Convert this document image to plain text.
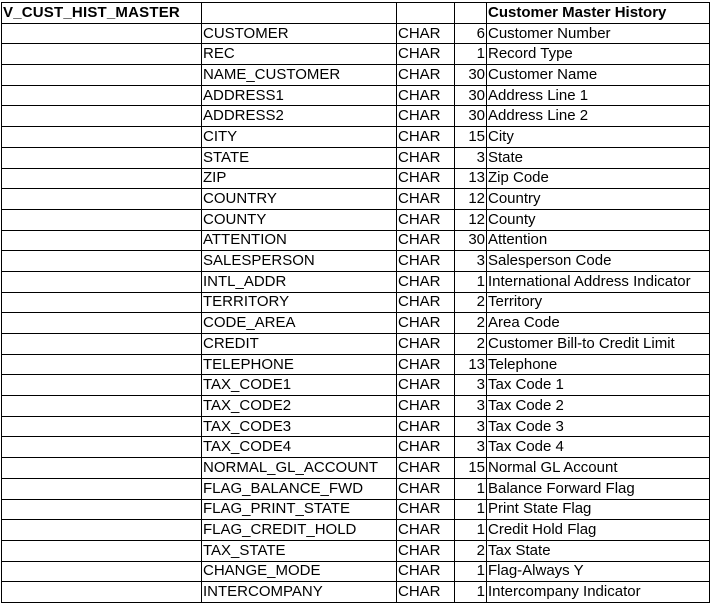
V_CUST_HIST_MASTER				Customer Master History
	CUSTOMER	CHAR	6	Customer Number
	REC	CHAR	1	Record Type
	NAME_CUSTOMER	CHAR	30	Customer Name
	ADDRESS1	CHAR	30	Address Line 1
	ADDRESS2	CHAR	30	Address Line 2
	CITY	CHAR	15	City
	STATE	CHAR	3	State
	ZIP	CHAR	13	Zip Code
	COUNTRY	CHAR	12	Country
	COUNTY	CHAR	12	County
	ATTENTION	CHAR	30	Attention
	SALESPERSON	CHAR	3	Salesperson Code
	INTL_ADDR	CHAR	1	International Address Indicator
	TERRITORY	CHAR	2	Territory
	CODE_AREA	CHAR	2	Area Code
	CREDIT	CHAR	2	Customer Bill-to Credit Limit
	TELEPHONE	CHAR	13	Telephone
	TAX_CODE1	CHAR	3	Tax Code 1
	TAX_CODE2	CHAR	3	Tax Code 2
	TAX_CODE3	CHAR	3	Tax Code 3
	TAX_CODE4	CHAR	3	Tax Code 4
	NORMAL_GL_ACCOUNT	CHAR	15	Normal GL Account
	FLAG_BALANCE_FWD	CHAR	1	Balance Forward Flag
	FLAG_PRINT_STATE	CHAR	1	Print State Flag
	FLAG_CREDIT_HOLD	CHAR	1	Credit Hold Flag
	TAX_STATE	CHAR	2	Tax State
	CHANGE_MODE	CHAR	1	Flag-Always Y
	INTERCOMPANY	CHAR	1	Intercompany Indicator
